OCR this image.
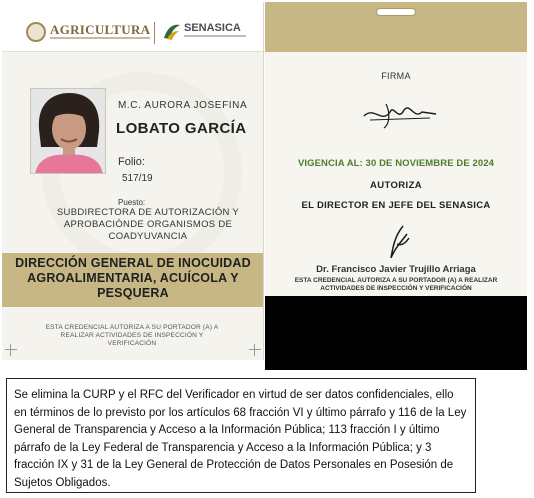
AGRICULTURA	SENASICA
M.C. AURORA JOSEFINA
LOBATO GARCÍA
Folio:
517/19
Puesto:
SUBDIRECTORA DE AUTORIZACIÓN Y APROBACIÓNDE ORGANISMOS DE COADYUVANCIA
DIRECCIÓN GENERAL DE INOCUIDAD AGROALIMENTARIA, ACUÍCOLA Y PESQUERA
ESTA CREDENCIAL AUTORIZA A SU PORTADOR (A) A REALIZAR ACTIVIDADES DE INSPECCIÓN Y VERIFICACIÓN
FIRMA
VIGENCIA AL: 30 DE NOVIEMBRE DE 2024
AUTORIZA
EL DIRECTOR EN JEFE DEL SENASICA
Dr. Francisco Javier Trujillo Arriaga
ESTA CREDENCIAL AUTORIZA A SU PORTADOR (A) A REALIZAR ACTIVIDADES DE INSPECCIÓN Y VERIFICACIÓN
Se elimina la CURP y el RFC del Verificador en virtud de ser datos confidenciales, ello en términos de lo previsto por los artículos 68 fracción VI y último párrafo y 116 de la Ley General de Transparencia y Acceso a la Información Pública; 113 fracción I y último párrafo de la Ley Federal de Transparencia y Acceso a la Información Pública; y 3 fracción IX y 31 de la Ley General de Protección de Datos Personales en Posesión de Sujetos Obligados.
